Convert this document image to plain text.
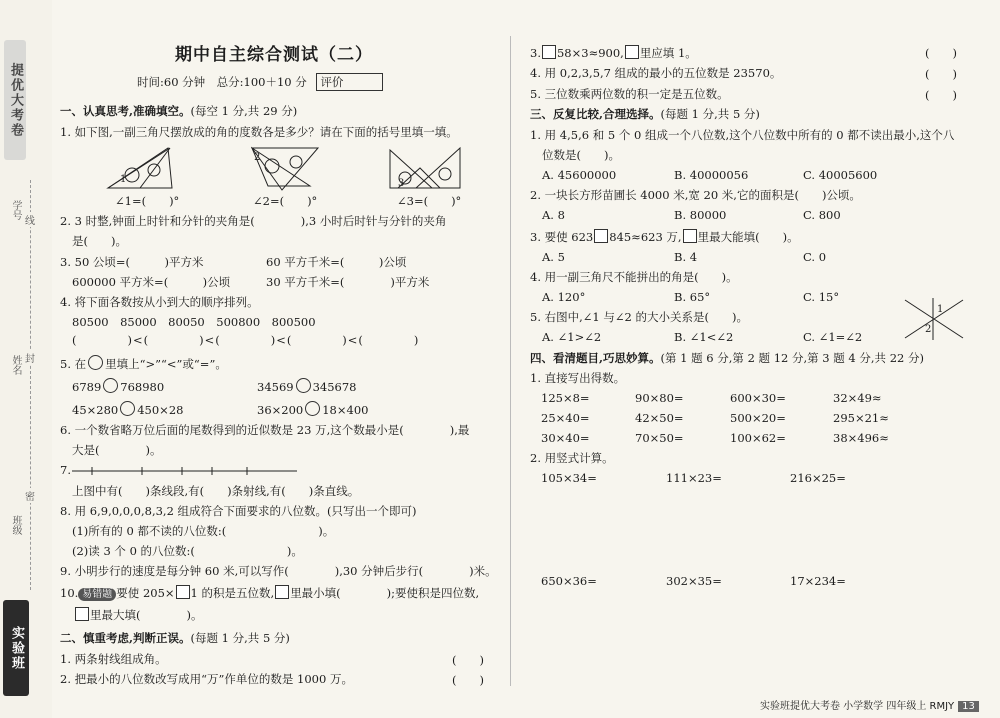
提优大考卷
学号
姓名
班级
线
封
密
实验班
期中自主综合测试（二）
时间:60 分钟　总分:100＋10 分 评价
一、认真思考,准确填空。(每空 1 分,共 29 分)
1. 如下图,一副三角尺摆放成的角的度数各是多少？请在下面的括号里填一填。
1
2
3
∠1=(　　)°	∠2=(　　)°	∠3=(　　)°
2. 3 时整,钟面上时针和分针的夹角是(　　　　),3 小时后时针与分针的夹角
是(　　)。
3. 50 公顷=(　　　)平方米	60 平方千米=(　　　)公顷
600000 平方米=(　　　)公顷	30 平方千米=(　　　　)平方米
4. 将下面各数按从小到大的顺序排列。
80500　85000　80050　500800　800500
(　　　　)<(　　　　)<(　　　　)<(　　　　)<(　　　　)
5. 在 里填上“>”“<”或“=”。
6789 768980	34569 345678
45×280 450×28	36×200 18×400
6. 一个数省略万位后面的尾数得到的近似数是 23 万,这个数最小是(　　　　),最
大是(　　　　)。
7.
上图中有(　　)条线段,有(　　)条射线,有(　　)条直线。
8. 用 6,9,0,0,0,8,3,2 组成符合下面要求的八位数。(只写出一个即可)
(1)所有的 0 都不读的八位数:(　　　　　　　　)。
(2)读 3 个 0 的八位数:(　　　　　　　　)。
9. 小明步行的速度是每分钟 60 米,可以写作(　　　　),30 分钟后步行(　　　　)米。
10. 易错题 要使 205× 1 的积是五位数, 里最小填(　　　　);要使积是四位数,
里最大填(　　　　)。
二、慎重考虑,判断正误。(每题 1 分,共 5 分)
1. 两条射线组成角。	(　　)
2. 把最小的八位数改写成用“万”作单位的数是 1000 万。	(　　)
3. 58×3≈900, 里应填 1。	(　　)
4. 用 0,2,3,5,7 组成的最小的五位数是 23570。	(　　)
5. 三位数乘两位数的积一定是五位数。	(　　)
三、反复比较,合理选择。(每题 1 分,共 5 分)
1. 用 4,5,6 和 5 个 0 组成一个八位数,这个八位数中所有的 0 都不读出最小,这个八
位数是(　　)。
A. 45600000	B. 40000056	C. 40005600
2. 一块长方形苗圃长 4000 米,宽 20 米,它的面积是(　　)公顷。
A. 8	B. 80000	C. 800
3. 要使 623 845≈623 万, 里最大能填(　　)。
A. 5	B. 4	C. 0
4. 用一副三角尺不能拼出的角是(　　)。
A. 120°	B. 65°	C. 15°
5. 右图中,∠1 与∠2 的大小关系是(　　)。
A. ∠1>∠2	B. ∠1<∠2	C. ∠1=∠2
1
2
四、看清题目,巧思妙算。(第 1 题 6 分,第 2 题 12 分,第 3 题 4 分,共 22 分)
1. 直接写出得数。
125×8=	90×80=	600×30=	32×49≈
25×40=	42×50=	500×20=	295×21≈
30×40=	70×50=	100×62=	38×496≈
2. 用竖式计算。
105×34=	111×23=	216×25=
650×36=	302×35=	17×234=
实验班提优大考卷 小学数学 四年级上 RMJY 13
